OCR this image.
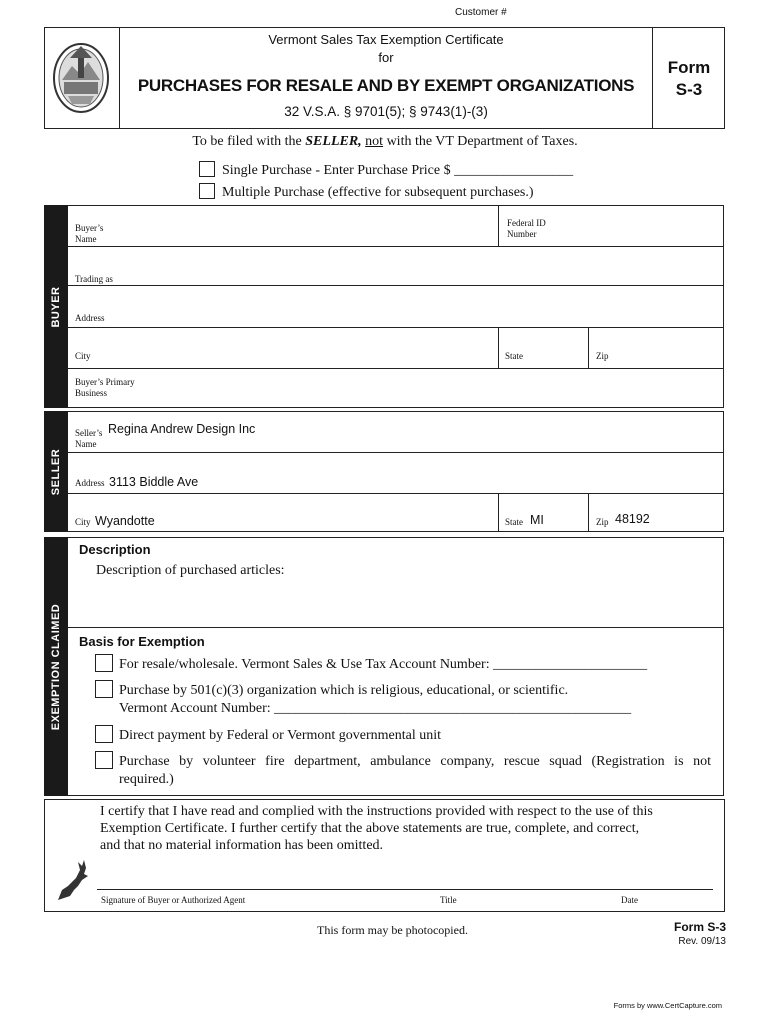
Customer #
Vermont Sales Tax Exemption Certificate
for
PURCHASES FOR RESALE AND BY EXEMPT ORGANIZATIONS
32 V.S.A. § 9701(5); § 9743(1)-(3)
Form
S-3
To be filed with the SELLER, not with the VT Department of Taxes.
Single Purchase - Enter Purchase Price $ _________________
Multiple Purchase (effective for subsequent purchases.)
BUYER
Buyer’s
Name
Federal ID
Number
Trading as
Address
City	State	Zip
Buyer’s Primary
Business
SELLER
Seller’s
Name
Regina Andrew Design Inc
Address 3113 Biddle Ave
City Wyandotte	State MI	Zip 48192
EXEMPTION CLAIMED
Description
Description of purchased articles:
Basis for Exemption
For resale/wholesale. Vermont Sales & Use Tax Account Number: ______________________
Purchase by 501(c)(3) organization which is religious, educational, or scientific.
Vermont Account Number: ___________________________________________________
Direct payment by Federal or Vermont governmental unit
Purchase by volunteer fire department, ambulance company, rescue squad (Registration is not
required.)
I certify that I have read and complied with the instructions provided with respect to the use of this
Exemption Certificate. I further certify that the above statements are true, complete, and correct,
and that no material information has been omitted.
Signature of Buyer or Authorized Agent	Title	Date
This form may be photocopied.	Form S-3
Rev. 09/13
Forms by www.CertCapture.com
